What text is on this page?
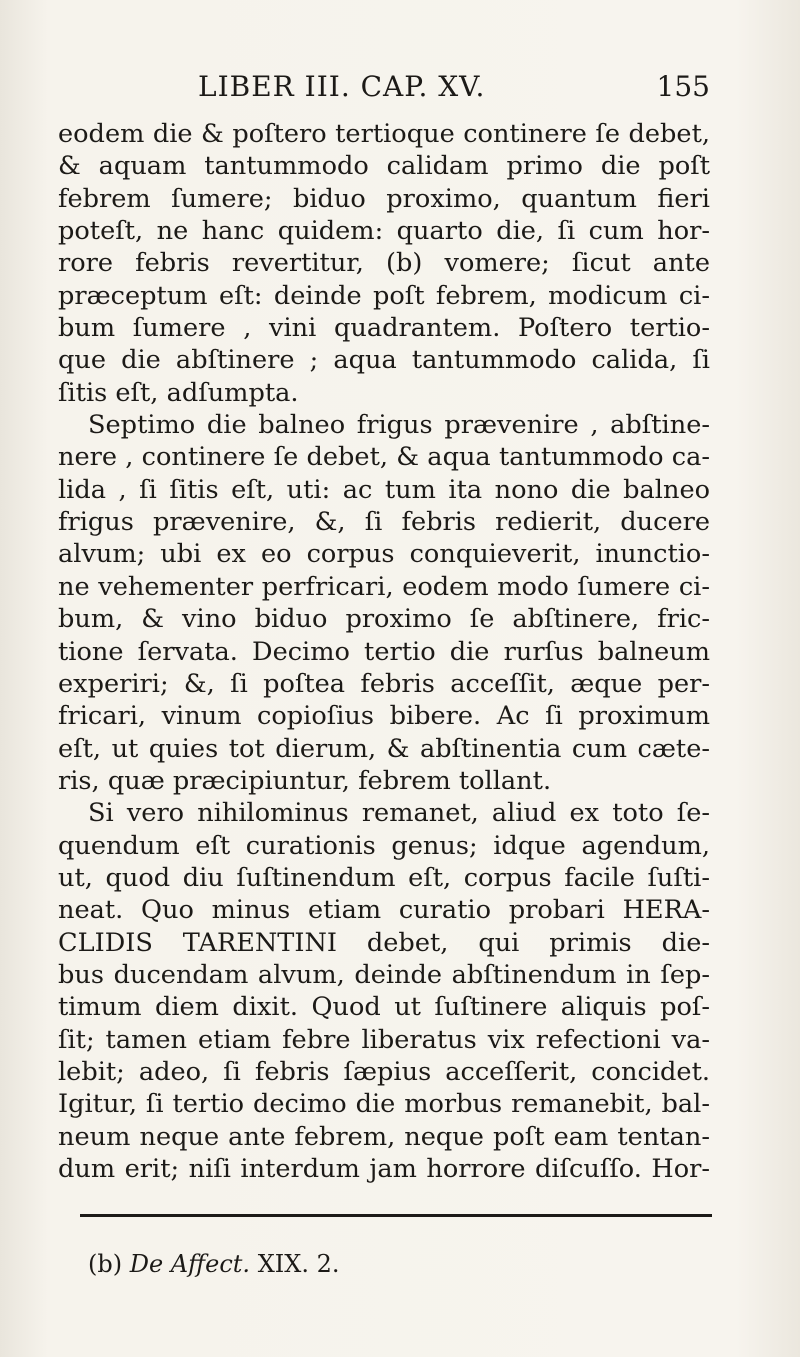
LIBER III. CAP. XV.	155
eodem die & poſtero tertioque continere ſe debet,
& aquam tantummodo calidam primo die poſt
febrem ſumere; biduo proximo, quantum fieri
poteſt, ne hanc quidem: quarto die, ſi cum hor-
rore febris revertitur, (b) vomere; ſicut ante
præceptum eſt: deinde poſt febrem, modicum ci-
bum ſumere , vini quadrantem. Poſtero tertio-
que die abſtinere ; aqua tantummodo calida, ſi
ſitis eſt, adſumpta.
Septimo die balneo frigus prævenire , abſtine-
nere , continere ſe debet, & aqua tantummodo ca-
lida , ſi ſitis eſt, uti: ac tum ita nono die balneo
frigus prævenire, &, ſi febris redierit, ducere
alvum; ubi ex eo corpus conquieverit, inunctio-
ne vehementer perfricari, eodem modo ſumere ci-
bum, & vino biduo proximo ſe abſtinere, fric-
tione ſervata. Decimo tertio die rurſus balneum
experiri; &, ſi poſtea febris acceſſit, æque per-
fricari, vinum copioſius bibere. Ac ſi proximum
eſt, ut quies tot dierum, & abſtinentia cum cæte-
ris, quæ præcipiuntur, febrem tollant.
Si vero nihilominus remanet, aliud ex toto ſe-
quendum eſt curationis genus; idque agendum,
ut, quod diu ſuſtinendum eſt, corpus facile ſuſti-
neat. Quo minus etiam curatio probari HERA-
CLIDIS TARENTINI debet, qui primis die-
bus ducendam alvum, deinde abſtinendum in ſep-
timum diem dixit. Quod ut ſuſtinere aliquis poſ-
ſit; tamen etiam febre liberatus vix refectioni va-
lebit; adeo, ſi febris ſæpius acceſſerit, concidet.
Igitur, ſi tertio decimo die morbus remanebit, bal-
neum neque ante febrem, neque poſt eam tentan-
dum erit; niſi interdum jam horrore diſcuſſo. Hor-
(b) De Affect. XIX. 2.
